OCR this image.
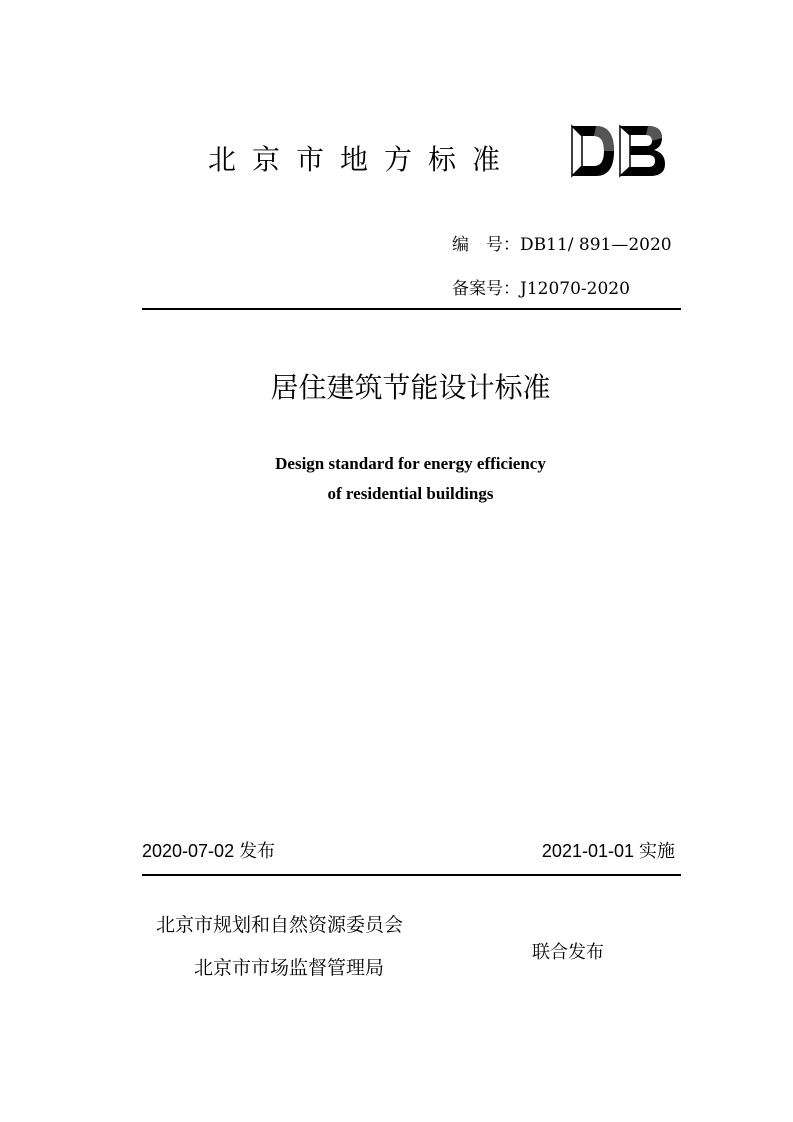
北京市地方标准
编　号：DB11/ 891—2020
备案号：J12070-2020
居住建筑节能设计标准
Design standard for energy efficiency
of residential buildings
2020-07-02 发布	2021-01-01 实施
北京市规划和自然资源委员会
北京市市场监督管理局
联合发布
